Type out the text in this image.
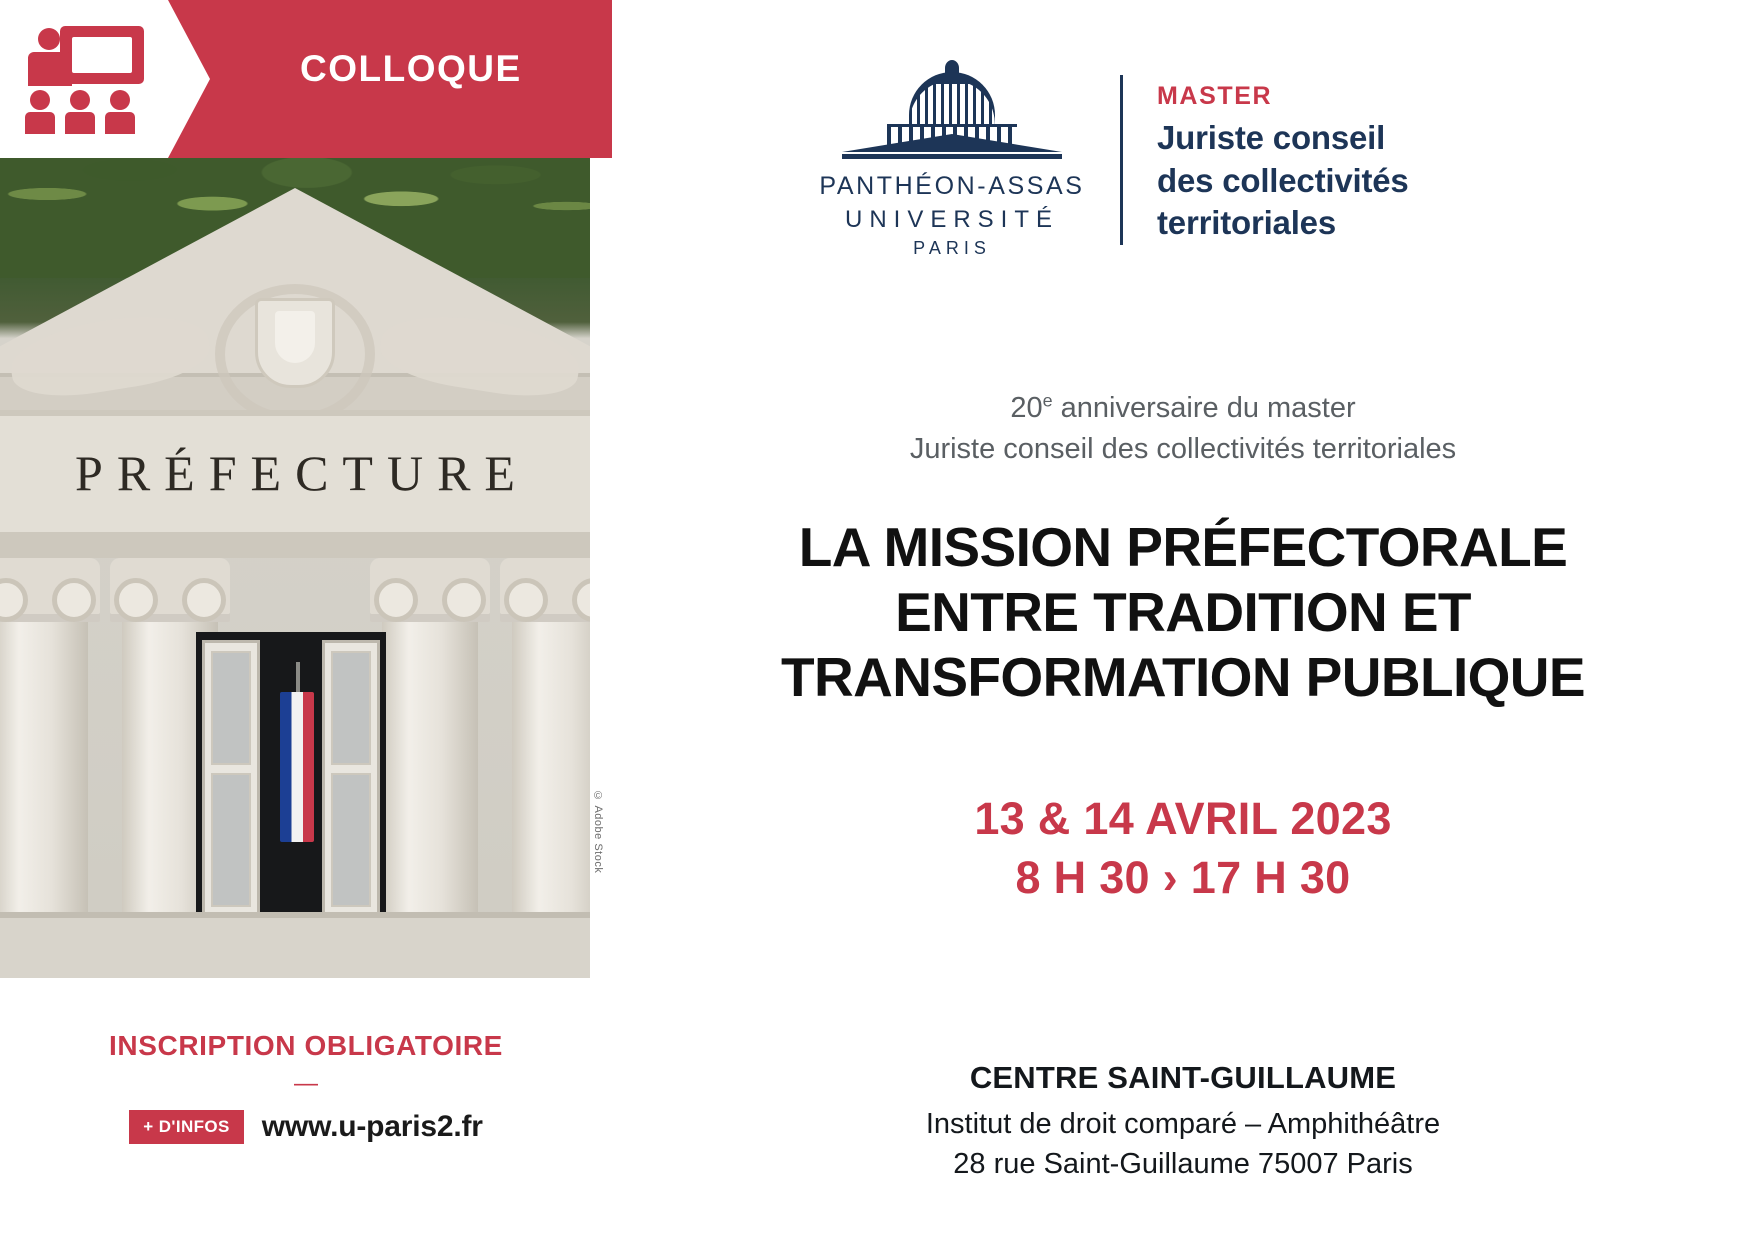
COLLOQUE
PRÉFECTURE
© Adobe Stock
INSCRIPTION OBLIGATOIRE
—
+ D'INFOS	www.u-paris2.fr
PANTHÉON-ASSAS
UNIVERSITÉ
PARIS
MASTER
Juriste conseil
des collectivités
territoriales
20e anniversaire du master
Juriste conseil des collectivités territoriales
LA MISSION PRÉFECTORALE
ENTRE TRADITION ET
TRANSFORMATION PUBLIQUE
13 & 14 AVRIL 2023
8 H 30 › 17 H 30
CENTRE SAINT-GUILLAUME
Institut de droit comparé – Amphithéâtre
28 rue Saint-Guillaume 75007 Paris
